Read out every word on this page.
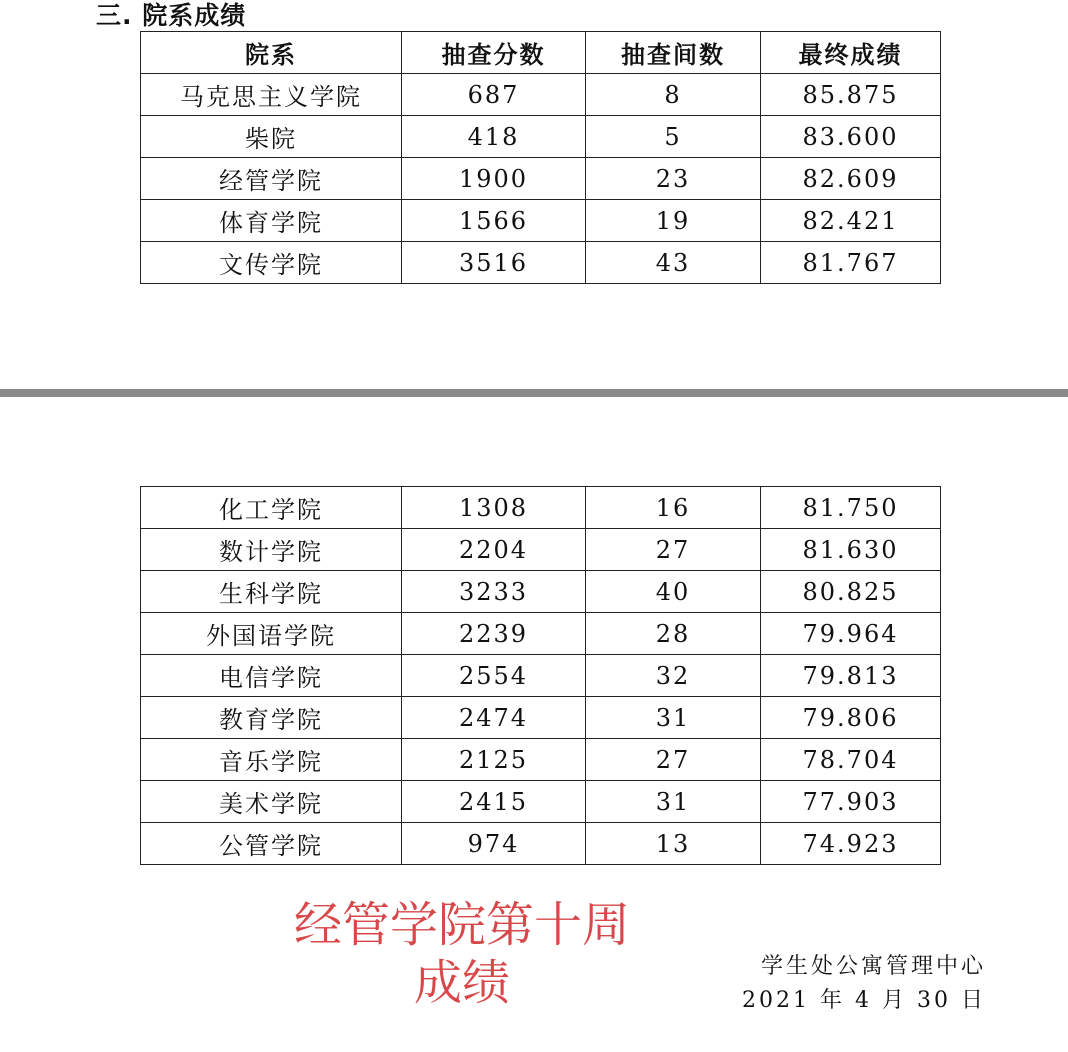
三. 院系成绩
院系	抽查分数	抽查间数	最终成绩
马克思主义学院	687	8	85.875
柴院	418	5	83.600
经管学院	1900	23	82.609
体育学院	1566	19	82.421
文传学院	3516	43	81.767
化工学院	1308	16	81.750
数计学院	2204	27	81.630
生科学院	3233	40	80.825
外国语学院	2239	28	79.964
电信学院	2554	32	79.813
教育学院	2474	31	79.806
音乐学院	2125	27	78.704
美术学院	2415	31	77.903
公管学院	974	13	74.923
经管学院第十周
成绩	学生处公寓管理中心
2021 年 4 月 30 日
